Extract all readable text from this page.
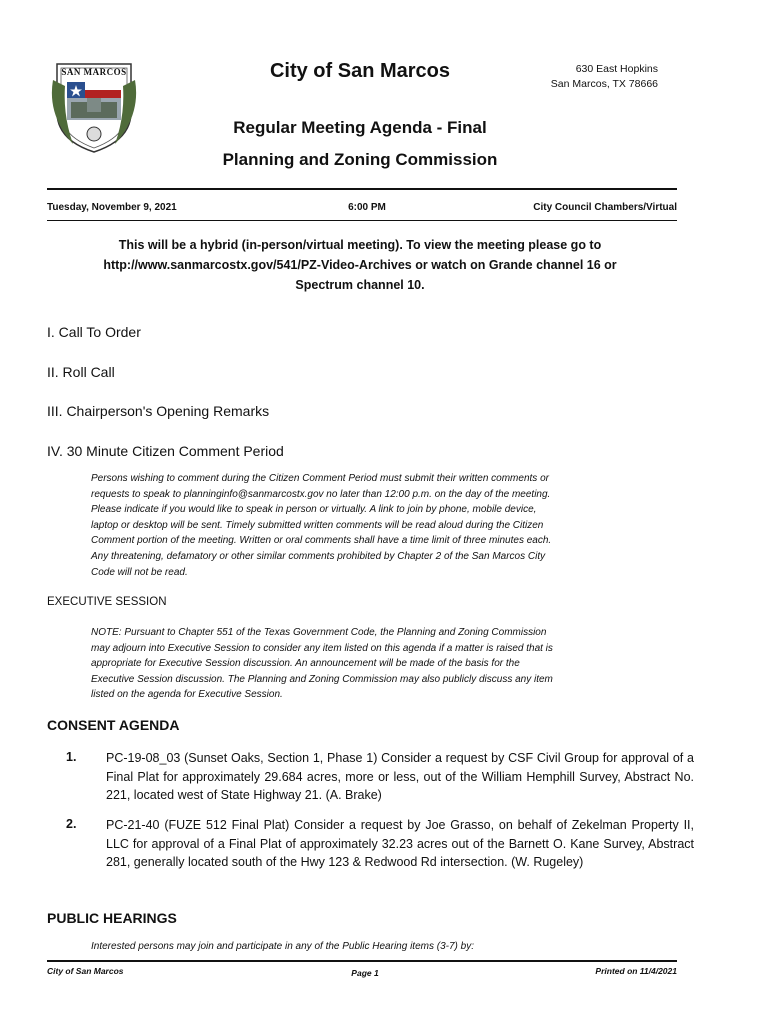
SAN MARCOS	City of San Marcos	630 East Hopkins
San Marcos, TX 78666
Regular Meeting Agenda - Final
Planning and Zoning Commission
Tuesday, November 9, 2021	6:00 PM	City Council Chambers/Virtual
This will be a hybrid (in-person/virtual meeting). To view the meeting please go to
http://www.sanmarcostx.gov/541/PZ-Video-Archives or watch on Grande channel 16 or
Spectrum channel 10.
I. Call To Order
II. Roll Call
III. Chairperson's Opening Remarks
IV. 30 Minute Citizen Comment Period
Persons wishing to comment during the Citizen Comment Period must submit their written comments or
requests to speak to planninginfo@sanmarcostx.gov no later than 12:00 p.m. on the day of the meeting.
Please indicate if you would like to speak in person or virtually. A link to join by phone, mobile device,
laptop or desktop will be sent. Timely submitted written comments will be read aloud during the Citizen
Comment portion of the meeting. Written or oral comments shall have a time limit of three minutes each.
Any threatening, defamatory or other similar comments prohibited by Chapter 2 of the San Marcos City
Code will not be read.
EXECUTIVE SESSION
NOTE: Pursuant to Chapter 551 of the Texas Government Code, the Planning and Zoning Commission
may adjourn into Executive Session to consider any item listed on this agenda if a matter is raised that is
appropriate for Executive Session discussion. An announcement will be made of the basis for the
Executive Session discussion. The Planning and Zoning Commission may also publicly discuss any item
listed on the agenda for Executive Session.
CONSENT AGENDA
1. PC-19-08_03 (Sunset Oaks, Section 1, Phase 1) Consider a request by CSF Civil Group for approval of a Final Plat for approximately 29.684 acres, more or less, out of the William Hemphill Survey, Abstract No. 221, located west of State Highway 21. (A. Brake)
2. PC-21-40 (FUZE 512 Final Plat) Consider a request by Joe Grasso, on behalf of Zekelman Property II, LLC for approval of a Final Plat of approximately 32.23 acres out of the Barnett O. Kane Survey, Abstract 281, generally located south of the Hwy 123 & Redwood Rd intersection. (W. Rugeley)
PUBLIC HEARINGS
Interested persons may join and participate in any of the Public Hearing items (3-7) by:
City of San Marcos	Page 1	Printed on 11/4/2021
